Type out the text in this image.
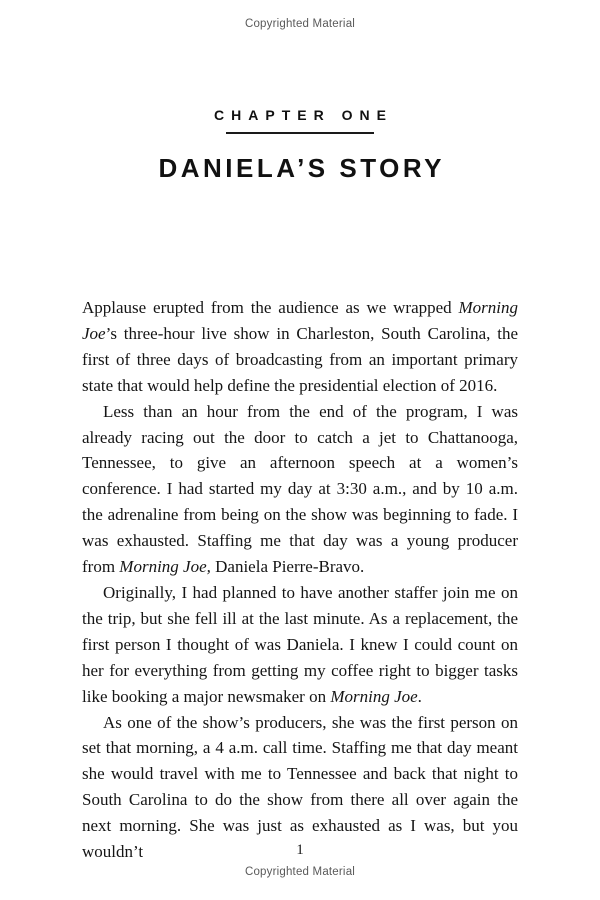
Copyrighted Material
CHAPTER ONE
DANIELA’S STORY

Applause erupted from the audience as we wrapped Morning Joe’s three-hour live show in Charleston, South Carolina, the first of three days of broadcasting from an important primary state that would help define the presidential election of 2016.

Less than an hour from the end of the program, I was already racing out the door to catch a jet to Chattanooga, Tennessee, to give an afternoon speech at a women’s conference. I had started my day at 3:30 a.m., and by 10 a.m. the adrenaline from being on the show was beginning to fade. I was exhausted. Staffing me that day was a young producer from Morning Joe, Daniela Pierre-Bravo.

Originally, I had planned to have another staffer join me on the trip, but she fell ill at the last minute. As a replacement, the first person I thought of was Daniela. I knew I could count on her for everything from getting my coffee right to bigger tasks like booking a major newsmaker on Morning Joe.

As one of the show’s producers, she was the first person on set that morning, a 4 a.m. call time. Staffing me that day meant she would travel with me to Tennessee and back that night to South Carolina to do the show from there all over again the next morning. She was just as exhausted as I was, but you wouldn’t	1
Copyrighted Material
